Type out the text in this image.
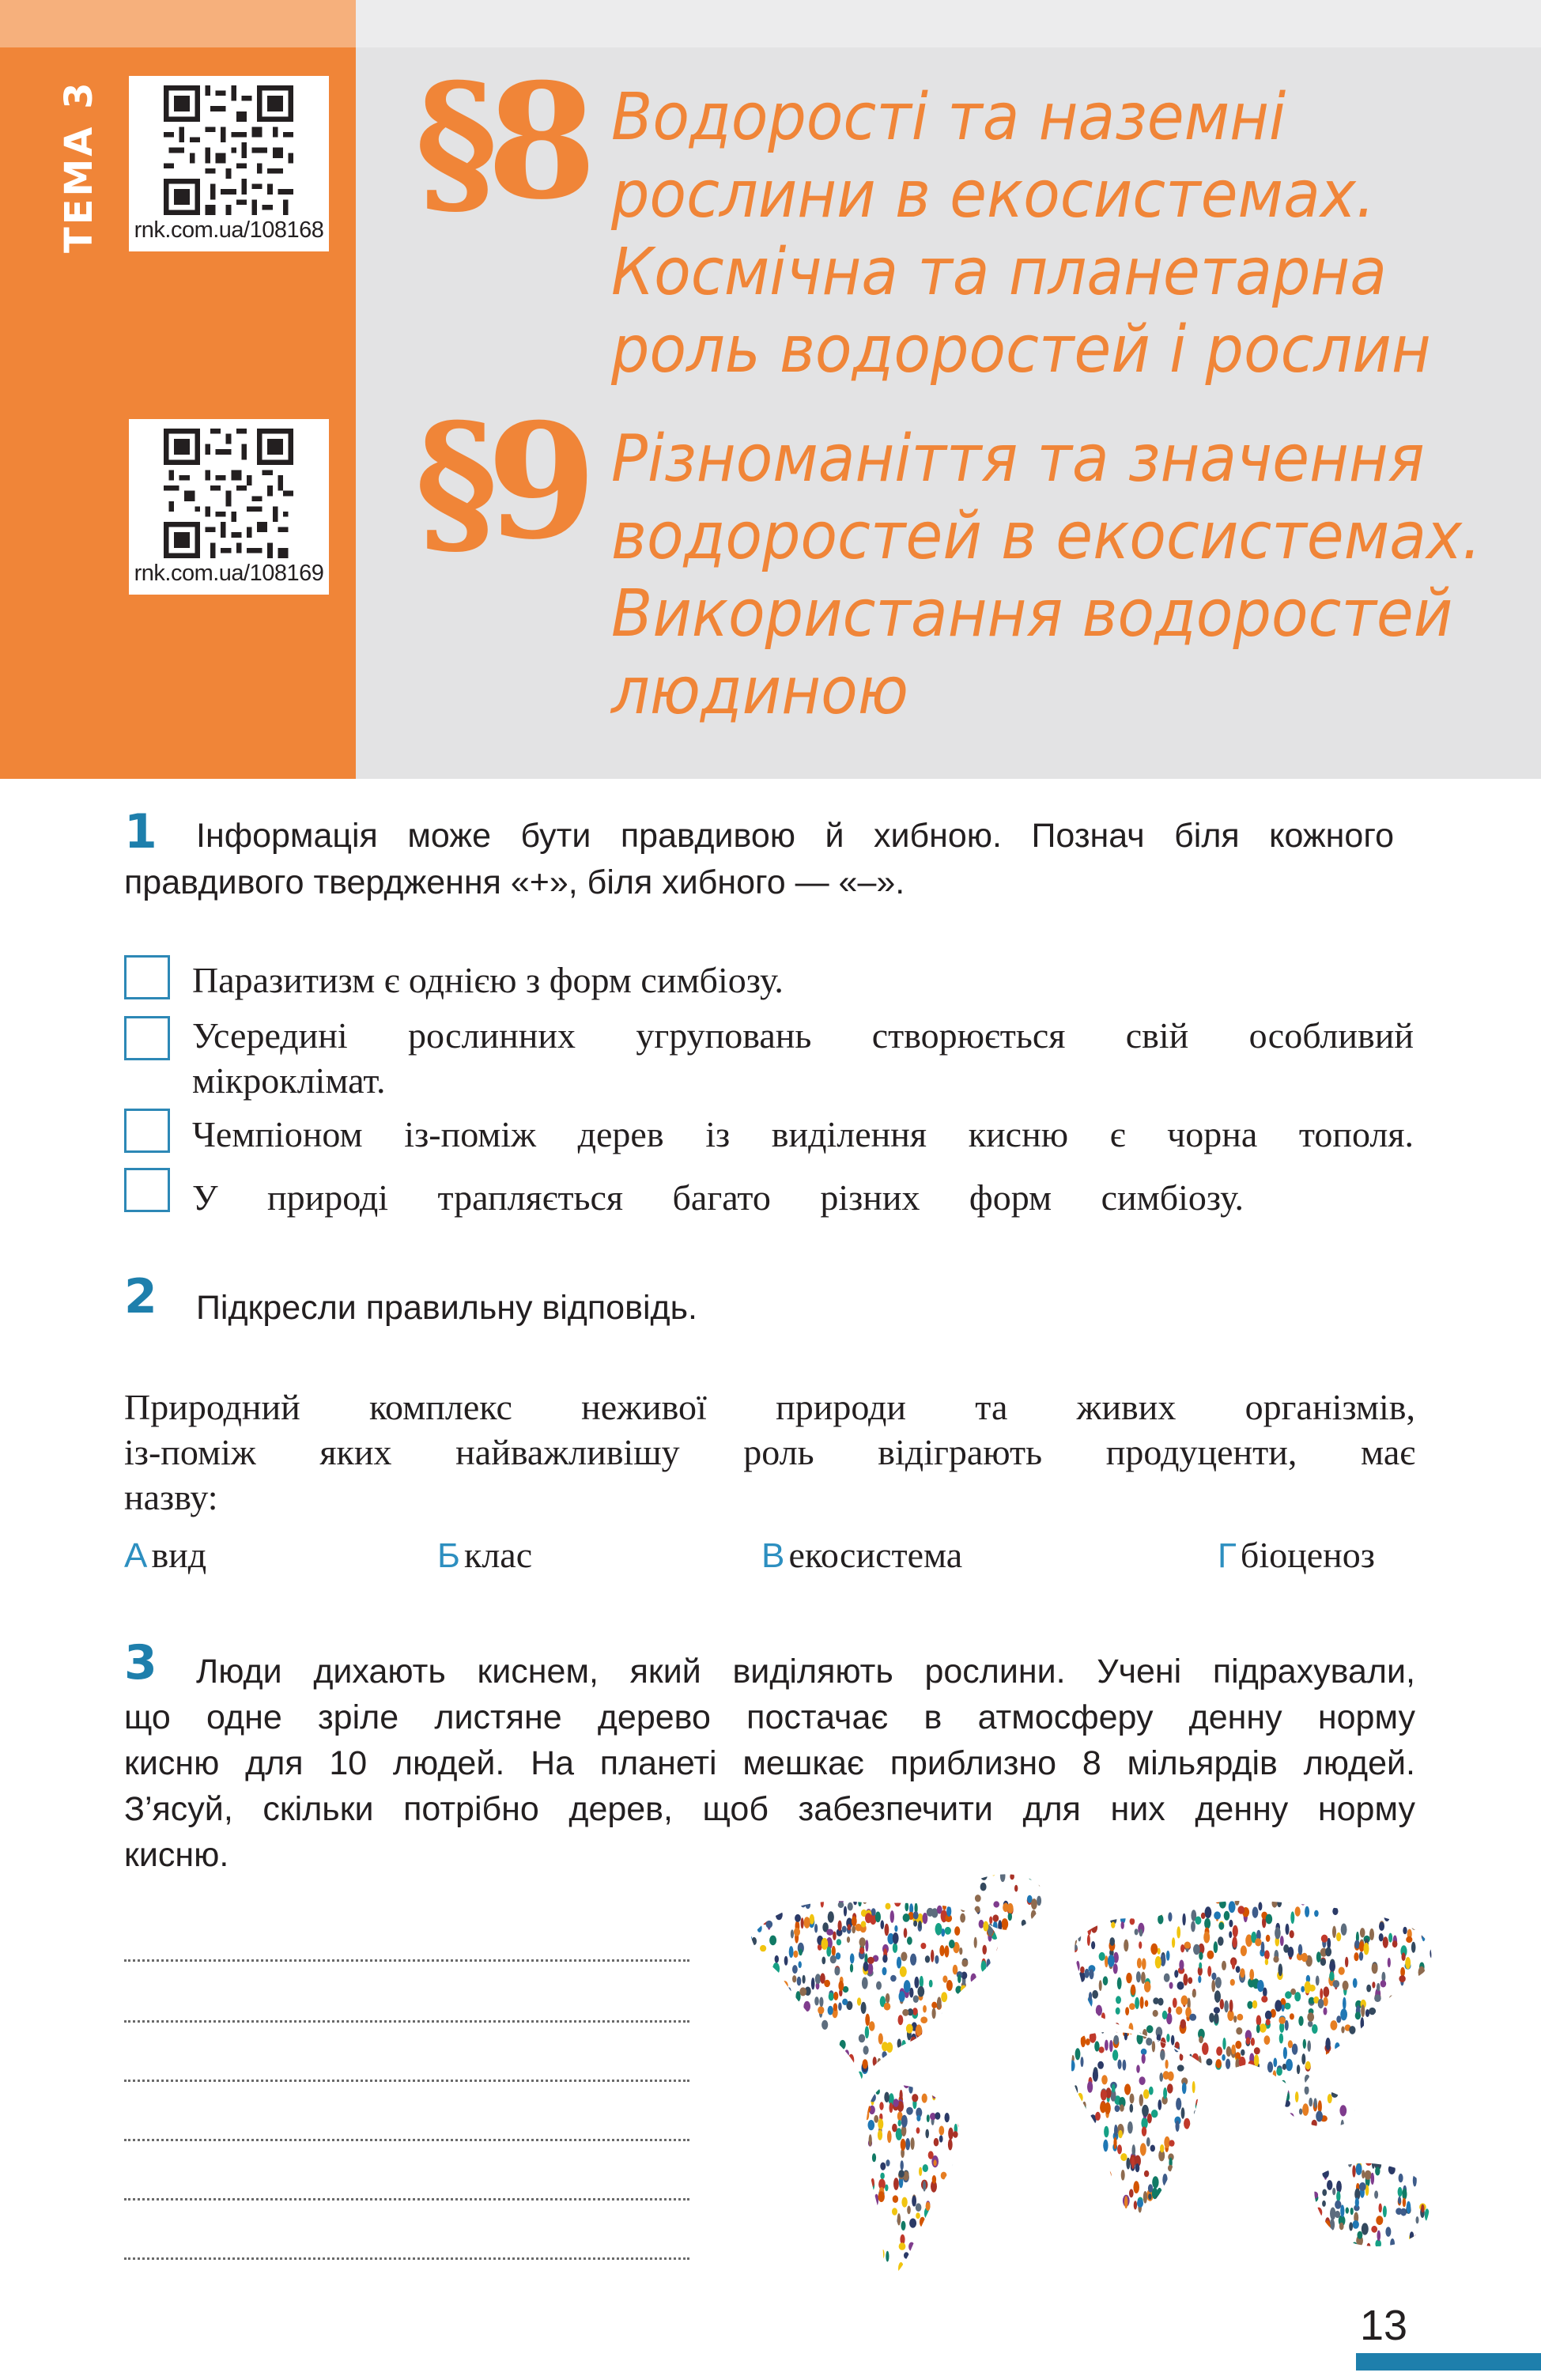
ТЕМА 3	rnk.com.ua/108168
rnk.com.ua/108169
§8 Водорості та наземні
рослини в екосистемах.
Космічна та планетарна
роль водоростей і рослин
§9 Різноманіття та значення
водоростей в екосистемах.
Використання водоростей
людиною
1 Інформація може бути правдивою й хибною. Познач біля кожного
правдивого твердження «+», біля хибного — «–».
Паразитизм є однією з форм симбіозу.
Усередині рослинних угруповань створюється свій особливий
мікроклімат.
Чемпіоном із-поміж дерев із виділення кисню є чорна тополя.
У природі трапляється багато різних форм симбіозу.
2 Підкресли правильну відповідь.
Природний комплекс неживої природи та живих організмів,
із-поміж яких найважливішу роль відіграють продуценти, має
назву:
А вид	Б клас	В екосистема	Г біоценоз
3 Люди дихають киснем, який виділяють рослини. Учені підрахували,
що одне зріле листяне дерево постачає в атмосферу денну норму
кисню для 10 людей. На планеті мешкає приблизно 8 мільярдів людей.
З’ясуй, скільки потрібно дерев, щоб забезпечити для них денну норму
кисню.
13
